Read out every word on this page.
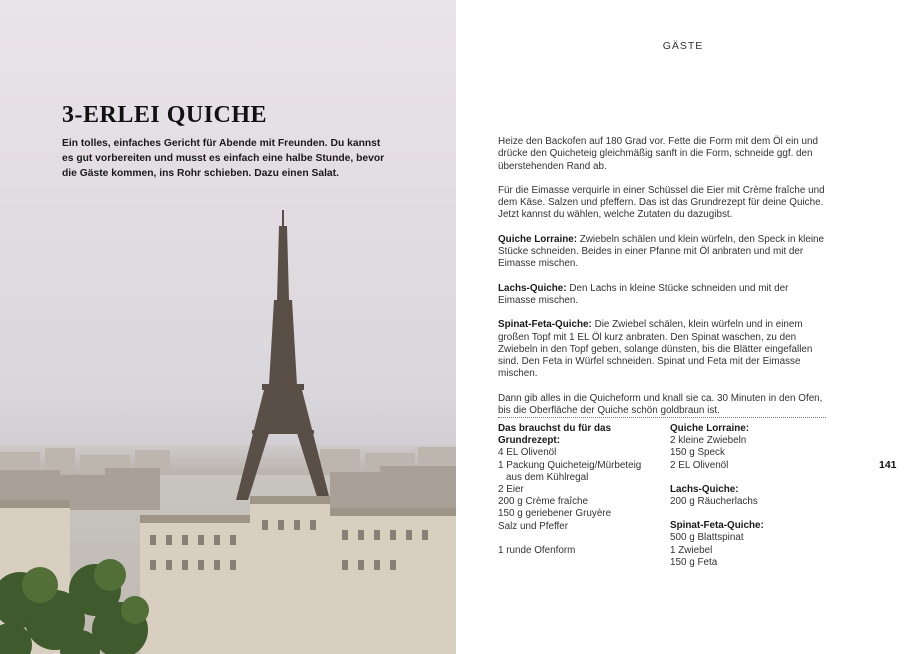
3-ERLEI QUICHE

Ein tolles, einfaches Gericht für Abende mit Freunden. Du kannst es gut vorbereiten und musst es einfach eine halbe Stunde, bevor die Gäste kommen, ins Rohr schieben. Dazu einen Salat.

GÄSTE

Heize den Backofen auf 180 Grad vor. Fette die Form mit dem Öl ein und drücke den Quicheteig gleichmäßig sanft in die Form, schneide ggf. den überstehenden Rand ab.

Für die Eimasse verquirle in einer Schüssel die Eier mit Crème fraîche und dem Käse. Salzen und pfeffern. Das ist das Grundrezept für deine Quiche. Jetzt kannst du wählen, welche Zutaten du dazugibst.

Quiche Lorraine: Zwiebeln schälen und klein würfeln, den Speck in kleine Stücke schneiden. Beides in einer Pfanne mit Öl anbraten und mit der Eimasse mischen.

Lachs-Quiche: Den Lachs in kleine Stücke schneiden und mit der Eimasse mischen.

Spinat-Feta-Quiche: Die Zwiebel schälen, klein würfeln und in einem großen Topf mit 1 EL Öl kurz anbraten. Den Spinat waschen, zu den Zwiebeln in den Topf geben, solange dünsten, bis die Blätter eingefallen sind. Den Feta in Würfel schneiden. Spinat und Feta mit der Eimasse mischen.

Dann gib alles in die Quicheform und knall sie ca. 30 Minuten in den Ofen, bis die Oberfläche der Quiche schön goldbraun ist.

Das brauchst du für das Grundrezept:
4 EL Olivenöl
1 Packung Quicheteig/Mürbeteig
aus dem Kühlregal
2 Eier
200 g Crème fraîche
150 g geriebener Gruyère
Salz und Pfeffer
1 runde Ofenform
Quiche Lorraine:
2 kleine Zwiebeln
150 g Speck
2 EL Olivenöl
Lachs-Quiche:
200 g Räucherlachs
Spinat-Feta-Quiche:
500 g Blattspinat
1 Zwiebel
150 g Feta
141
